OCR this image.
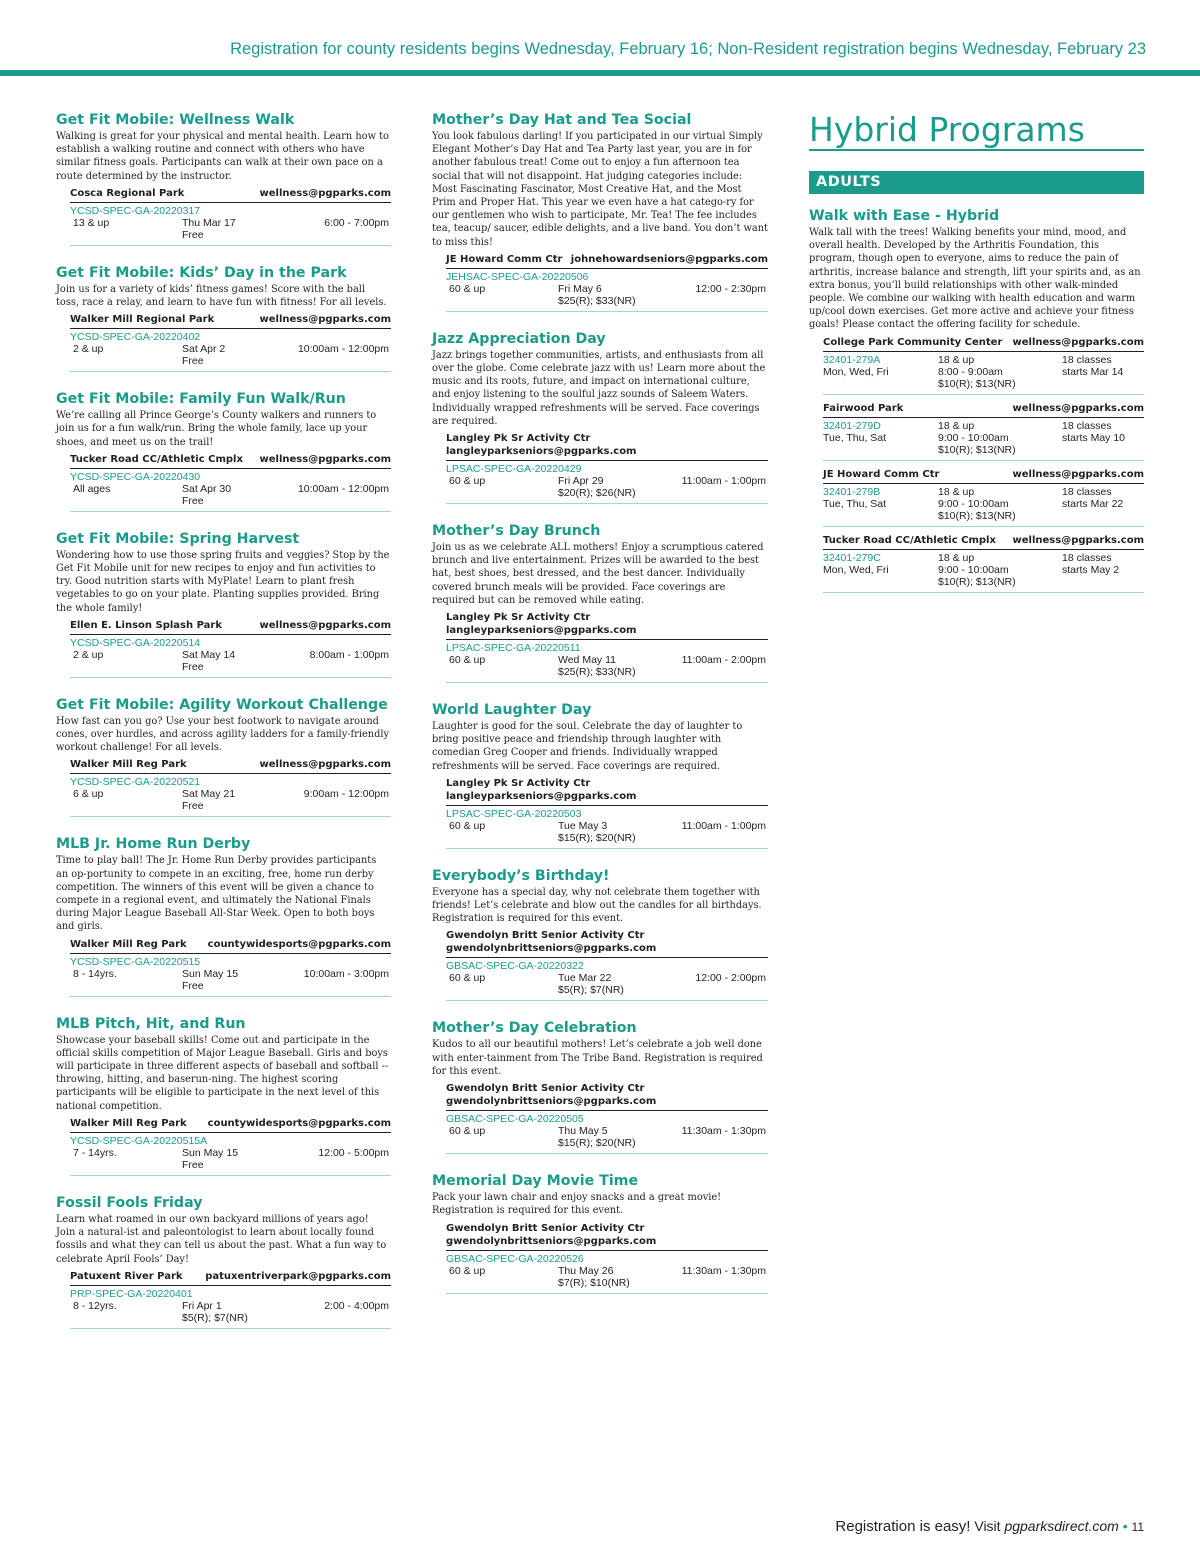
Registration for county residents begins Wednesday, February 16; Non-Resident registration begins Wednesday, February 23
Get Fit Mobile: Wellness Walk
Walking is great for your physical and mental health. Learn how to establish a walking routine and connect with others who have similar fitness goals. Participants can walk at their own pace on a route determined by the instructor.
Cosca Regional Park	wellness@pgparks.com
YCSD-SPEC-GA-20220317
13 & up	Thu Mar 17	6:00 - 7:00pm
Free
Get Fit Mobile: Kids’ Day in the Park
Join us for a variety of kids’ fitness games! Score with the ball toss, race a relay, and learn to have fun with fitness! For all levels.
Walker Mill Regional Park	wellness@pgparks.com
YCSD-SPEC-GA-20220402
2 & up	Sat Apr 2	10:00am - 12:00pm
Free
Get Fit Mobile: Family Fun Walk/Run
We’re calling all Prince George’s County walkers and runners to join us for a fun walk/run. Bring the whole family, lace up your shoes, and meet us on the trail!
Tucker Road CC/Athletic Cmplx wellness@pgparks.com
YCSD-SPEC-GA-20220430
All ages	Sat Apr 30	10:00am - 12:00pm
Free
Get Fit Mobile: Spring Harvest
Wondering how to use those spring fruits and veggies? Stop by the Get Fit Mobile unit for new recipes to enjoy and fun activities to try. Good nutrition starts with MyPlate! Learn to plant fresh vegetables to go on your plate. Planting supplies provided. Bring the whole family!
Ellen E. Linson Splash Park	wellness@pgparks.com
YCSD-SPEC-GA-20220514
2 & up	Sat May 14	8:00am - 1:00pm
Free
Get Fit Mobile: Agility Workout Challenge
How fast can you go? Use your best footwork to navigate around cones, over hurdles, and across agility ladders for a family-friendly workout challenge! For all levels.
Walker Mill Reg Park	wellness@pgparks.com
YCSD-SPEC-GA-20220521
6 & up	Sat May 21	9:00am - 12:00pm
Free
MLB Jr. Home Run Derby
Time to play ball! The Jr. Home Run Derby provides participants an op-portunity to compete in an exciting, free, home run derby competition. The winners of this event will be given a chance to compete in a regional event, and ultimately the National Finals during Major League Baseball All-Star Week. Open to both boys and girls.
Walker Mill Reg Park countywidesports@pgparks.com
YCSD-SPEC-GA-20220515
8 - 14yrs.	Sun May 15	10:00am - 3:00pm
Free
MLB Pitch, Hit, and Run
Showcase your baseball skills! Come out and participate in the official skills competition of Major League Baseball. Girls and boys will participate in three different aspects of baseball and softball -- throwing, hitting, and baserun-ning. The highest scoring participants will be eligible to participate in the next level of this national competition.
Walker Mill Reg Park countywidesports@pgparks.com
YCSD-SPEC-GA-20220515A
7 - 14yrs.	Sun May 15	12:00 - 5:00pm
Free
Fossil Fools Friday
Learn what roamed in our own backyard millions of years ago! Join a natural-ist and paleontologist to learn about locally found fossils and what they can tell us about the past. What a fun way to celebrate April Fools’ Day!
Patuxent River Park patuxentriverpark@pgparks.com
PRP-SPEC-GA-20220401
8 - 12yrs.	Fri Apr 1	2:00 - 4:00pm
$5(R); $7(NR)
Mother’s Day Hat and Tea Social
You look fabulous darling! If you participated in our virtual Simply Elegant Mother’s Day Hat and Tea Party last year, you are in for another fabulous treat! Come out to enjoy a fun afternoon tea social that will not disappoint. Hat judging categories include: Most Fascinating Fascinator, Most Creative Hat, and the Most Prim and Proper Hat. This year we even have a hat catego-ry for our gentlemen who wish to participate, Mr. Tea! The fee includes tea, teacup/ saucer, edible delights, and a live band. You don’t want to miss this!
JE Howard Comm Ctr johnehowardseniors@pgparks.com
JEHSAC-SPEC-GA-20220506
60 & up	Fri May 6	12:00 - 2:30pm
$25(R); $33(NR)
Jazz Appreciation Day
Jazz brings together communities, artists, and enthusiasts from all over the globe. Come celebrate jazz with us! Learn more about the music and its roots, future, and impact on international culture, and enjoy listening to the soulful jazz sounds of Saleem Waters. Individually wrapped refreshments will be served. Face coverings are required.
Langley Pk Sr Activity Ctr
langleyparkseniors@pgparks.com
LPSAC-SPEC-GA-20220429
60 & up	Fri Apr 29	11:00am - 1:00pm
$20(R); $26(NR)
Mother’s Day Brunch
Join us as we celebrate ALL mothers! Enjoy a scrumptious catered brunch and live entertainment. Prizes will be awarded to the best hat, best shoes, best dressed, and the best dancer. Individually covered brunch meals will be provided. Face coverings are required but can be removed while eating.
Langley Pk Sr Activity Ctr
langleyparkseniors@pgparks.com
LPSAC-SPEC-GA-20220511
60 & up	Wed May 11	11:00am - 2:00pm
$25(R); $33(NR)
World Laughter Day
Laughter is good for the soul. Celebrate the day of laughter to bring positive peace and friendship through laughter with comedian Greg Cooper and friends. Individually wrapped refreshments will be served. Face coverings are required.
Langley Pk Sr Activity Ctr
langleyparkseniors@pgparks.com
LPSAC-SPEC-GA-20220503
60 & up	Tue May 3	11:00am - 1:00pm
$15(R); $20(NR)
Everybody’s Birthday!
Everyone has a special day, why not celebrate them together with friends! Let’s celebrate and blow out the candles for all birthdays. Registration is required for this event.
Gwendolyn Britt Senior Activity Ctr
gwendolynbrittseniors@pgparks.com
GBSAC-SPEC-GA-20220322
60 & up	Tue Mar 22	12:00 - 2:00pm
$5(R); $7(NR)
Mother’s Day Celebration
Kudos to all our beautiful mothers! Let’s celebrate a job well done with enter-tainment from The Tribe Band. Registration is required for this event.
Gwendolyn Britt Senior Activity Ctr
gwendolynbrittseniors@pgparks.com
GBSAC-SPEC-GA-20220505
60 & up	Thu May 5	11:30am - 1:30pm
$15(R); $20(NR)
Memorial Day Movie Time
Pack your lawn chair and enjoy snacks and a great movie! Registration is required for this event.
Gwendolyn Britt Senior Activity Ctr
gwendolynbrittseniors@pgparks.com
GBSAC-SPEC-GA-20220526
60 & up	Thu May 26	11:30am - 1:30pm
$7(R); $10(NR)
Hybrid Programs
ADULTS
Walk with Ease - Hybrid
Walk tall with the trees! Walking benefits your mind, mood, and overall health. Developed by the Arthritis Foundation, this program, though open to everyone, aims to reduce the pain of arthritis, increase balance and strength, lift your spirits and, as an extra bonus, you’ll build relationships with other walk-minded people. We combine our walking with health education and warm up/cool down exercises. Get more active and achieve your fitness goals! Please contact the offering facility for schedule.
College Park Community Center wellness@pgparks.com
32401-279A	18 & up	18 classes
Mon, Wed, Fri	8:00 - 9:00am	starts Mar 14
$10(R); $13(NR)
Fairwood Park	wellness@pgparks.com
32401-279D	18 & up	18 classes
Tue, Thu, Sat	9:00 - 10:00am	starts May 10
$10(R); $13(NR)
JE Howard Comm Ctr	wellness@pgparks.com
32401-279B	18 & up	18 classes
Tue, Thu, Sat	9:00 - 10:00am	starts Mar 22
$10(R); $13(NR)
Tucker Road CC/Athletic Cmplx wellness@pgparks.com
32401-279C	18 & up	18 classes
Mon, Wed, Fri	9:00 - 10:00am	starts May 2
$10(R); $13(NR)
Registration is easy! Visit pgparksdirect.com • 11
